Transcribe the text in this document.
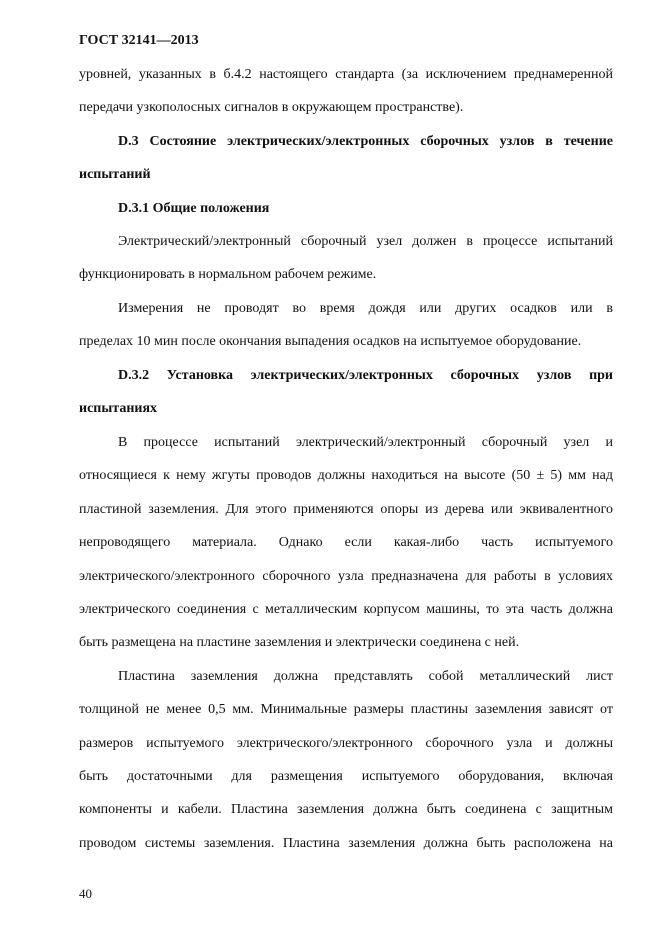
ГОСТ 32141—2013
уровней, указанных в б.4.2 настоящего стандарта (за исключением преднамеренной
передачи узкополосных сигналов в окружающем пространстве).
D.3 Состояние электрических/электронных сборочных узлов в течение
испытаний
D.3.1 Общие положения
Электрический/электронный сборочный узел должен в процессе испытаний
функционировать в нормальном рабочем режиме.
Измерения не проводят во время дождя или других осадков или в
пределах 10 мин после окончания выпадения осадков на испытуемое оборудование.
D.3.2 Установка электрических/электронных сборочных узлов при
испытаниях
В процессе испытаний электрический/электронный сборочный узел и
относящиеся к нему жгуты проводов должны находиться на высоте (50 ± 5) мм над
пластиной заземления. Для этого применяются опоры из дерева или эквивалентного
непроводящего материала. Однако если какая-либо часть испытуемого
электрического/электронного сборочного узла предназначена для работы в условиях
электрического соединения с металлическим корпусом машины, то эта часть должна
быть размещена на пластине заземления и электрически соединена с ней.
Пластина заземления должна представлять собой металлический лист
толщиной не менее 0,5 мм. Минимальные размеры пластины заземления зависят от
размеров испытуемого электрического/электронного сборочного узла и должны
быть достаточными для размещения испытуемого оборудования, включая
компоненты и кабели. Пластина заземления должна быть соединена с защитным
проводом системы заземления. Пластина заземления должна быть расположена на
40
